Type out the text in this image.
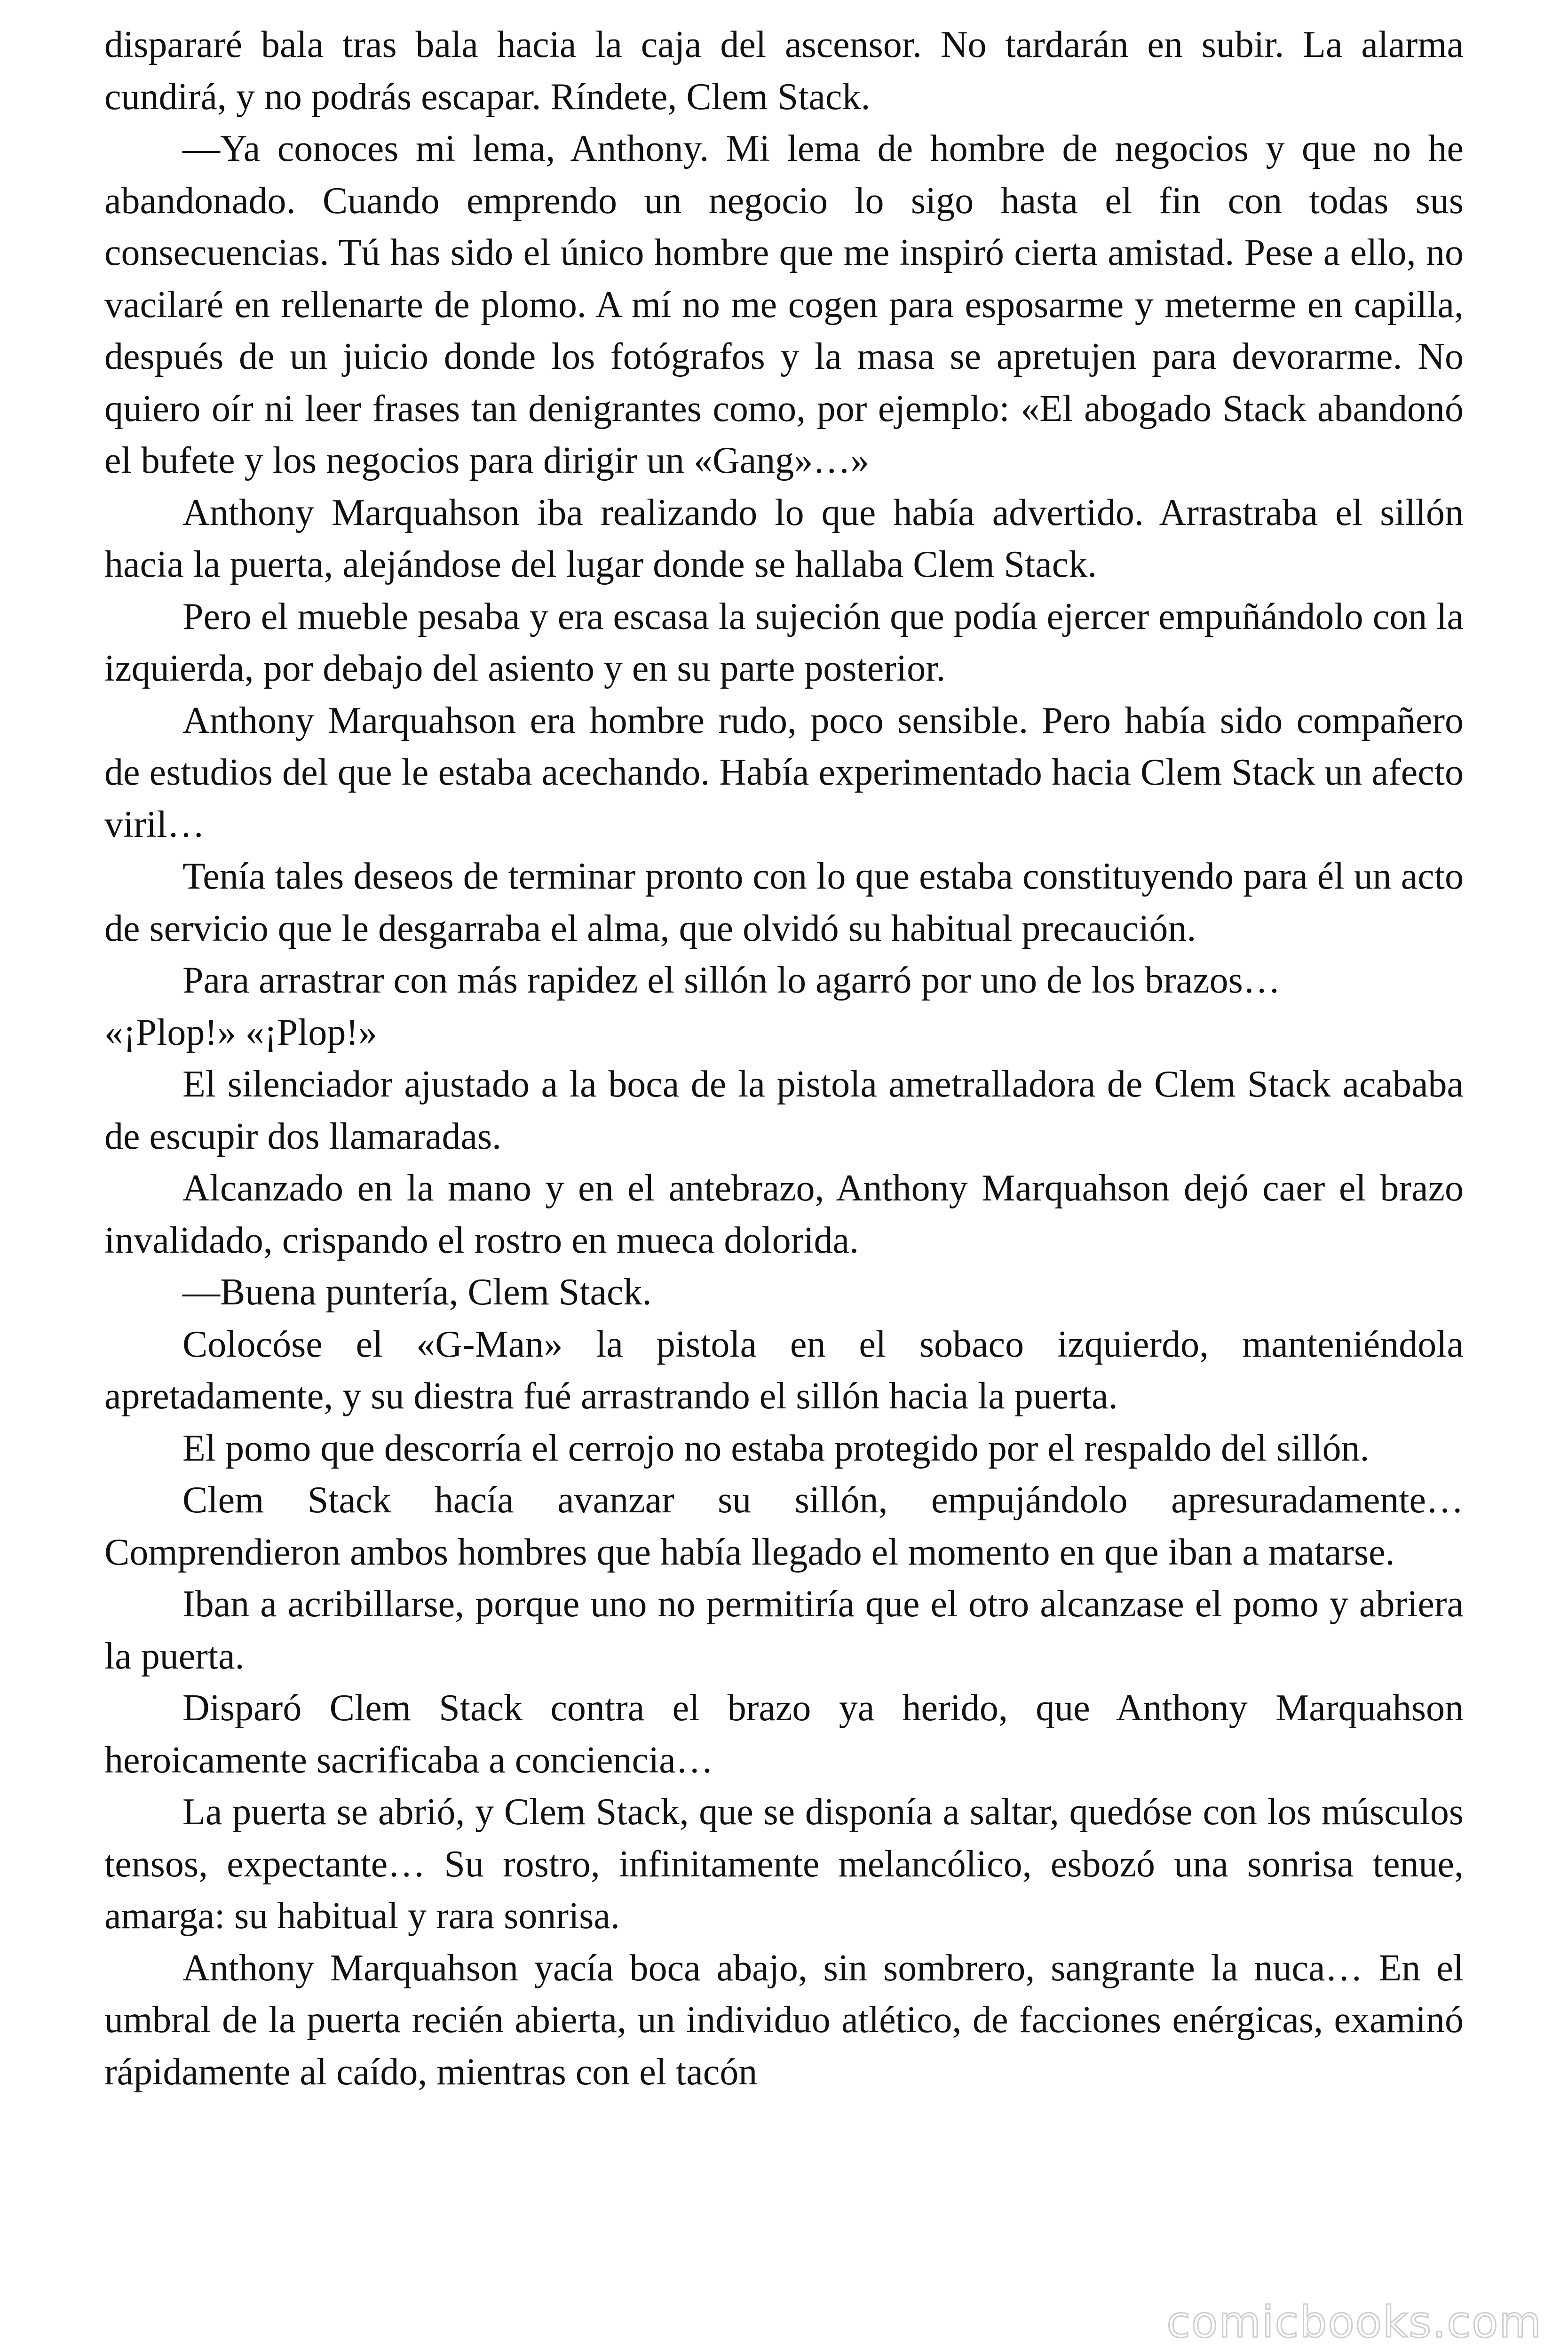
dispararé bala tras bala hacia la caja del ascensor. No tardarán en subir. La alarma cundirá, y no podrás escapar. Ríndete, Clem Stack.

—Ya conoces mi lema, Anthony. Mi lema de hombre de negocios y que no he abandonado. Cuando emprendo un negocio lo sigo hasta el fin con todas sus consecuencias. Tú has sido el único hombre que me inspiró cierta amistad. Pese a ello, no vacilaré en rellenarte de plomo. A mí no me cogen para esposarme y meterme en capilla, después de un juicio donde los fotógrafos y la masa se apretujen para devorarme. No quiero oír ni leer frases tan denigrantes como, por ejemplo: «El abogado Stack abandonó el bufete y los negocios para dirigir un «Gang»…»

Anthony Marquahson iba realizando lo que había advertido. Arrastraba el sillón hacia la puerta, alejándose del lugar donde se hallaba Clem Stack.

Pero el mueble pesaba y era escasa la sujeción que podía ejercer empuñándolo con la izquierda, por debajo del asiento y en su parte posterior.

Anthony Marquahson era hombre rudo, poco sensible. Pero había sido compañero de estudios del que le estaba acechando. Había experimentado hacia Clem Stack un afecto viril…

Tenía tales deseos de terminar pronto con lo que estaba constituyendo para él un acto de servicio que le desgarraba el alma, que olvidó su habitual precaución.

Para arrastrar con más rapidez el sillón lo agarró por uno de los brazos…

«¡Plop!» «¡Plop!»

El silenciador ajustado a la boca de la pistola ametralladora de Clem Stack acababa de escupir dos llamaradas.

Alcanzado en la mano y en el antebrazo, Anthony Marquahson dejó caer el brazo invalidado, crispando el rostro en mueca dolorida.

—Buena puntería, Clem Stack.

Colocóse el «G-Man» la pistola en el sobaco izquierdo, manteniéndola apretadamente, y su diestra fué arrastrando el sillón hacia la puerta.

El pomo que descorría el cerrojo no estaba protegido por el respaldo del sillón.

Clem Stack hacía avanzar su sillón, empujándolo apresuradamente… Comprendieron ambos hombres que había llegado el momento en que iban a matarse.

Iban a acribillarse, porque uno no permitiría que el otro alcanzase el pomo y abriera la puerta.

Disparó Clem Stack contra el brazo ya herido, que Anthony Marquahson heroicamente sacrificaba a conciencia…

La puerta se abrió, y Clem Stack, que se disponía a saltar, quedóse con los músculos tensos, expectante… Su rostro, infinitamente melancólico, esbozó una sonrisa tenue, amarga: su habitual y rara sonrisa.

Anthony Marquahson yacía boca abajo, sin sombrero, sangrante la nuca… En el umbral de la puerta recién abierta, un individuo atlético, de facciones enérgicas, examinó rápidamente al caído, mientras con el tacón

comicbooks.com
